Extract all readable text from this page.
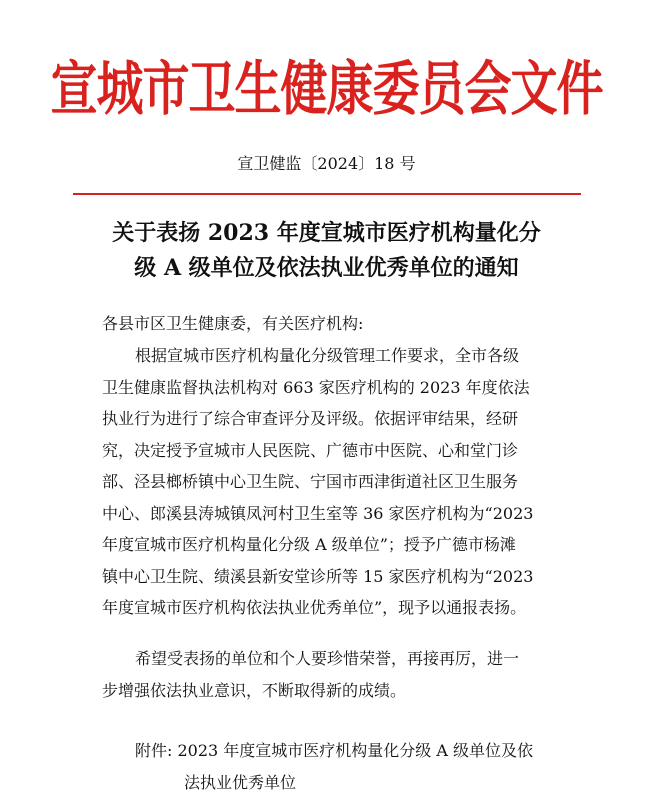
宣城市卫生健康委员会文件
宣卫健监〔2024〕18 号
关于表扬 2023 年度宣城市医疗机构量化分
级 A 级单位及依法执业优秀单位的通知
各县市区卫生健康委，有关医疗机构:
根据宣城市医疗机构量化分级管理工作要求，全市各级
卫生健康监督执法机构对 663 家医疗机构的 2023 年度依法
执业行为进行了综合审查评分及评级。依据评审结果，经研
究，决定授予宣城市人民医院、广德市中医院、心和堂门诊
部、泾县榔桥镇中心卫生院、宁国市西津街道社区卫生服务
中心、郎溪县涛城镇凤河村卫生室等 36 家医疗机构为“2023
年度宣城市医疗机构量化分级 A 级单位”；授予广德市杨滩
镇中心卫生院、绩溪县新安堂诊所等 15 家医疗机构为“2023
年度宣城市医疗机构依法执业优秀单位”，现予以通报表扬。
希望受表扬的单位和个人要珍惜荣誉，再接再厉，进一
步增强依法执业意识，不断取得新的成绩。
附件: 2023 年度宣城市医疗机构量化分级 A 级单位及依
法执业优秀单位
